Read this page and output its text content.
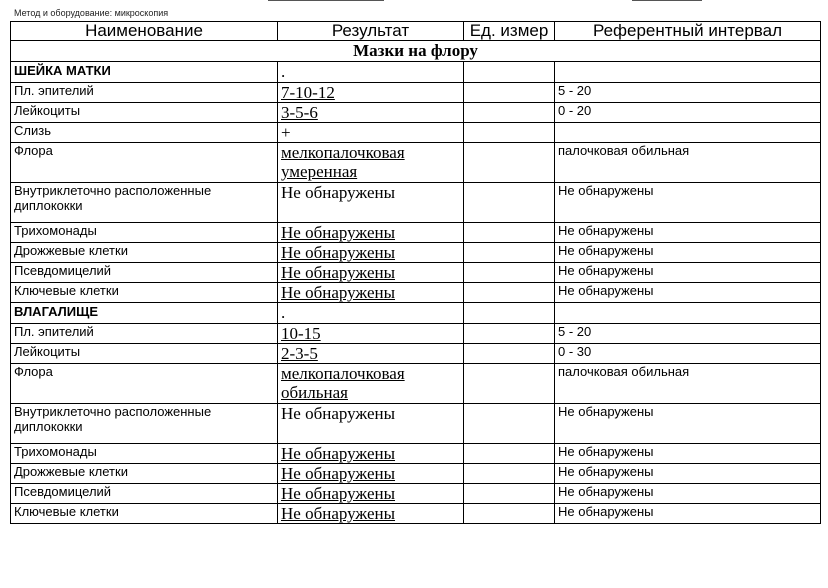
Метод и оборудование: микроскопия
Наименование	Результат	Ед. измер	Референтный интервал
Мазки на флору			
ШЕЙКА МАТКИ	.		
Пл. эпителий	7-10-12		5 - 20
Лейкоциты	3-5-6		0 - 20
Слизь	+		
Флора	мелкопалочковая умеренная		палочковая обильная
Внутриклеточно расположенные диплококки	Не обнаружены		Не обнаружены
Трихомонады	Не обнаружены		Не обнаружены
Дрожжевые клетки	Не обнаружены		Не обнаружены
Псевдомицелий	Не обнаружены		Не обнаружены
Ключевые клетки	Не обнаружены		Не обнаружены
ВЛАГАЛИЩЕ	.		
Пл. эпителий	10-15		5 - 20
Лейкоциты	2-3-5		0 - 30
Флора	мелкопалочковая обильная		палочковая обильная
Внутриклеточно расположенные диплококки	Не обнаружены		Не обнаружены
Трихомонады	Не обнаружены		Не обнаружены
Дрожжевые клетки	Не обнаружены		Не обнаружены
Псевдомицелий	Не обнаружены		Не обнаружены
Ключевые клетки	Не обнаружены		Не обнаружены
